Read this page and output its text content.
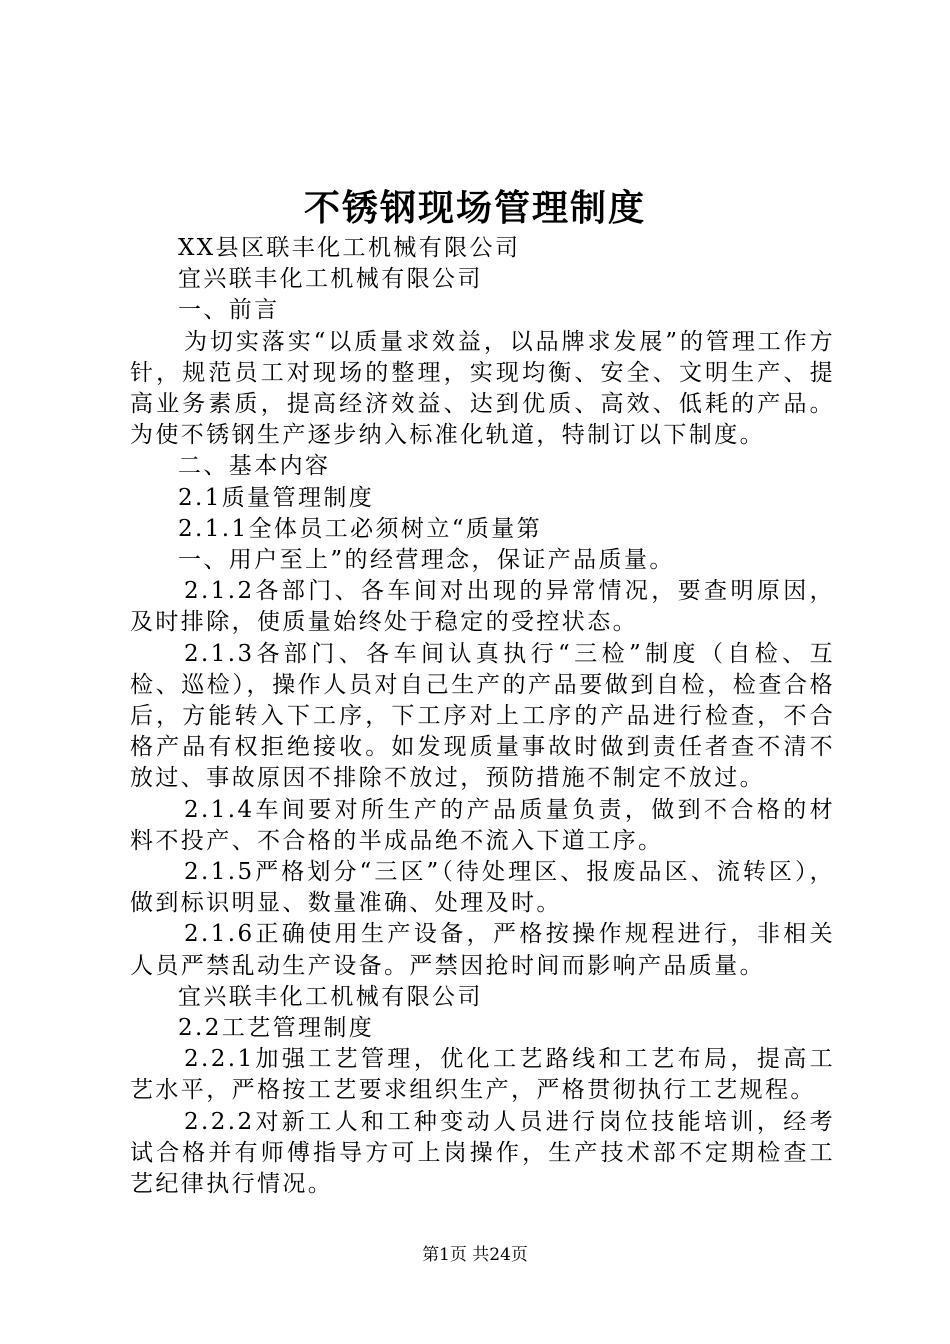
不锈钢现场管理制度

XX县区联丰化工机械有限公司

宜兴联丰化工机械有限公司

一、前言

为切实落实“以质量求效益，以品牌求发展”的管理工作方针，规范员工对现场的整理，实现均衡、安全、文明生产、提高业务素质，提高经济效益、达到优质、高效、低耗的产品。为使不锈钢生产逐步纳入标准化轨道，特制订以下制度。

二、基本内容

2.1质量管理制度

2.1.1全体员工必须树立“质量第

一、用户至上”的经营理念，保证产品质量。

2.1.2各部门、各车间对出现的异常情况，要查明原因，及时排除，使质量始终处于稳定的受控状态。

2.1.3各部门、各车间认真执行“三检”制度（自检、互检、巡检），操作人员对自己生产的产品要做到自检，检查合格后，方能转入下工序，下工序对上工序的产品进行检查，不合格产品有权拒绝接收。如发现质量事故时做到责任者查不清不放过、事故原因不排除不放过，预防措施不制定不放过。

2.1.4车间要对所生产的产品质量负责，做到不合格的材料不投产、不合格的半成品绝不流入下道工序。

2.1.5严格划分“三区”（待处理区、报废品区、流转区），做到标识明显、数量准确、处理及时。

2.1.6正确使用生产设备，严格按操作规程进行，非相关人员严禁乱动生产设备。严禁因抢时间而影响产品质量。

宜兴联丰化工机械有限公司

2.2工艺管理制度

2.2.1加强工艺管理，优化工艺路线和工艺布局，提高工艺水平，严格按工艺要求组织生产，严格贯彻执行工艺规程。

2.2.2对新工人和工种变动人员进行岗位技能培训，经考试合格并有师傅指导方可上岗操作，生产技术部不定期检查工艺纪律执行情况。

第1页 共24页
